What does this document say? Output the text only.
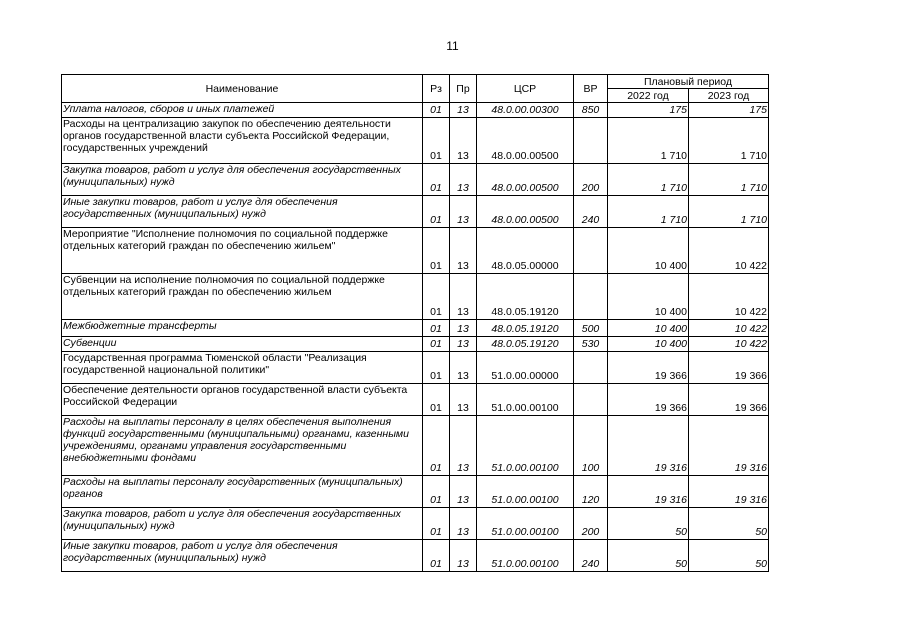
11
Наименование	Рз	Пр	ЦСР	ВР	Плановый период	
					2022 год	2023 год
Уплата налогов, сборов и иных платежей	01	13	48.0.00.00300	850	175	175
Расходы на централизацию закупок по обеспечению деятельности органов государственной власти субъекта Российской Федерации, государственных учреждений	01	13	48.0.00.00500		1 710	1 710
Закупка товаров, работ и услуг для обеспечения государственных (муниципальных) нужд	01	13	48.0.00.00500	200	1 710	1 710
Иные закупки товаров, работ и услуг для обеспечения государственных (муниципальных) нужд	01	13	48.0.00.00500	240	1 710	1 710
Мероприятие "Исполнение полномочия по социальной поддержке отдельных категорий граждан по обеспечению жильем"	01	13	48.0.05.00000		10 400	10 422
Субвенции на исполнение полномочия по социальной поддержке отдельных категорий граждан по обеспечению жильем	01	13	48.0.05.19120		10 400	10 422
Межбюджетные трансферты	01	13	48.0.05.19120	500	10 400	10 422
Субвенции	01	13	48.0.05.19120	530	10 400	10 422
Государственная программа Тюменской области "Реализация государственной национальной политики"	01	13	51.0.00.00000		19 366	19 366
Обеспечение деятельности органов государственной власти субъекта Российской Федерации	01	13	51.0.00.00100		19 366	19 366
Расходы на выплаты персоналу в целях обеспечения выполнения функций государственными (муниципальными) органами, казенными учреждениями, органами управления государственными внебюджетными фондами	01	13	51.0.00.00100	100	19 316	19 316
Расходы на выплаты персоналу государственных (муниципальных) органов	01	13	51.0.00.00100	120	19 316	19 316
Закупка товаров, работ и услуг для обеспечения государственных (муниципальных) нужд	01	13	51.0.00.00100	200	50	50
Иные закупки товаров, работ и услуг для обеспечения государственных (муниципальных) нужд	01	13	51.0.00.00100	240	50	50
